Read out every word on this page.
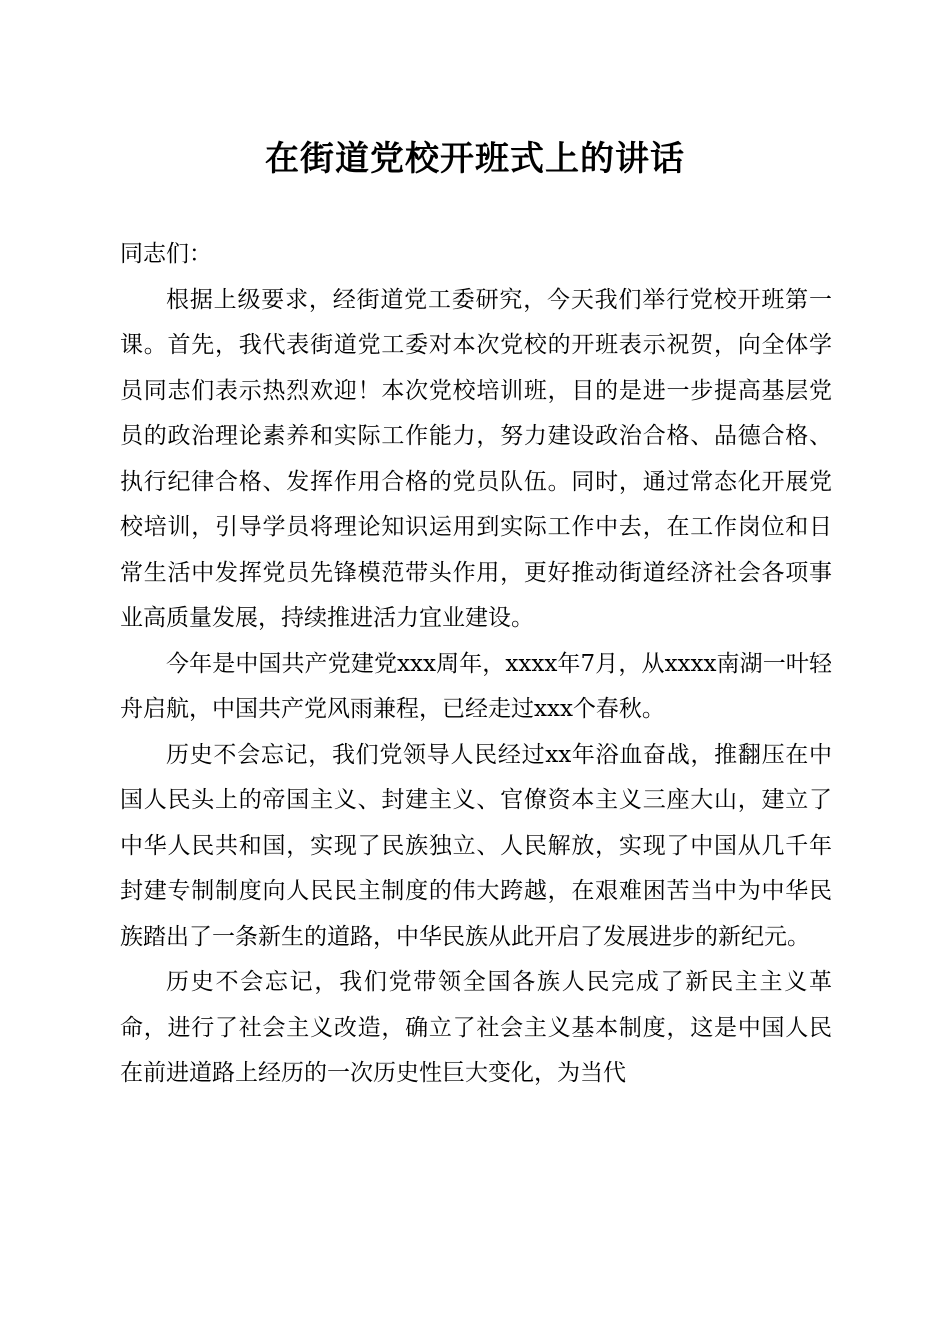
在街道党校开班式上的讲话

同志们：

根据上级要求，经街道党工委研究，今天我们举行党校开班第一课。首先，我代表街道党工委对本次党校的开班表示祝贺，向全体学员同志们表示热烈欢迎！本次党校培训班，目的是进一步提高基层党员的政治理论素养和实际工作能力，努力建设政治合格、品德合格、执行纪律合格、发挥作用合格的党员队伍。同时，通过常态化开展党校培训，引导学员将理论知识运用到实际工作中去，在工作岗位和日常生活中发挥党员先锋模范带头作用，更好推动街道经济社会各项事业高质量发展，持续推进活力宜业建设。

今年是中国共产党建党xxx周年，xxxx年7月，从xxxx南湖一叶轻舟启航，中国共产党风雨兼程，已经走过xxx个春秋。

历史不会忘记，我们党领导人民经过xx年浴血奋战，推翻压在中国人民头上的帝国主义、封建主义、官僚资本主义三座大山，建立了中华人民共和国，实现了民族独立、人民解放，实现了中国从几千年封建专制制度向人民民主制度的伟大跨越，在艰难困苦当中为中华民族踏出了一条新生的道路，中华民族从此开启了发展进步的新纪元。

历史不会忘记，我们党带领全国各族人民完成了新民主主义革命，进行了社会主义改造，确立了社会主义基本制度，这是中国人民在前进道路上经历的一次历史性巨大变化，为当代
